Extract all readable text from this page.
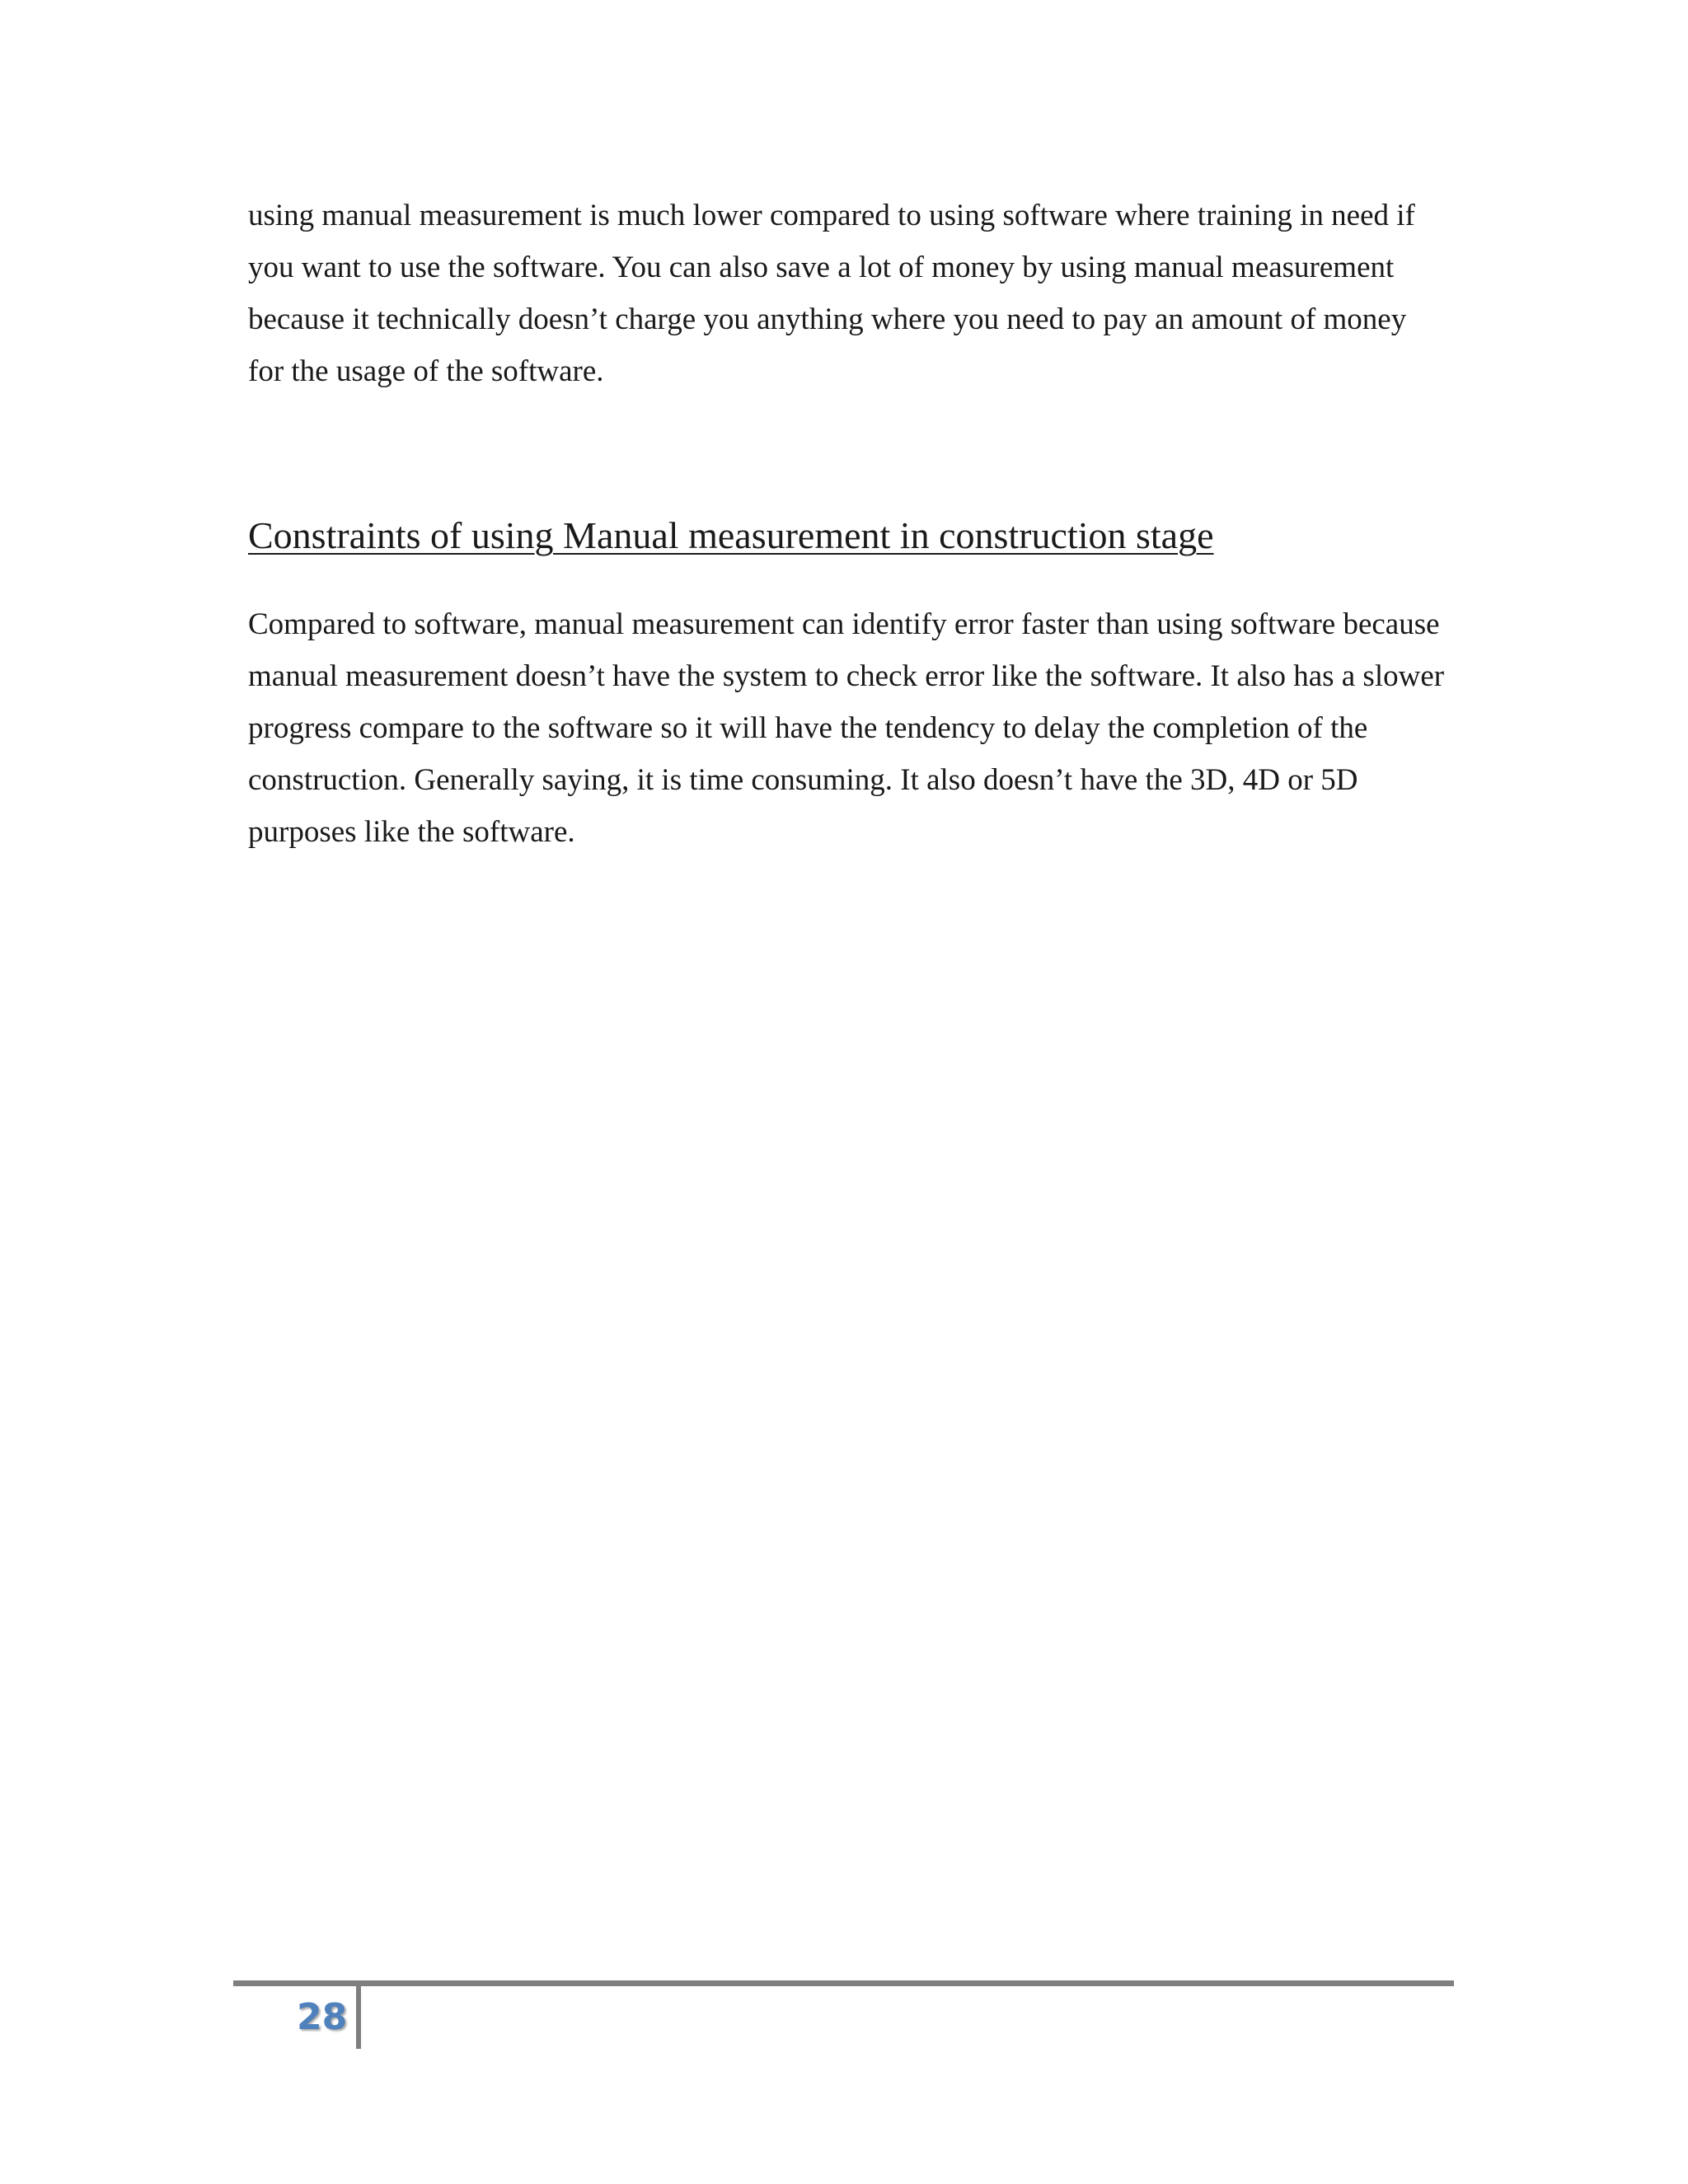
using manual measurement is much lower compared to using software where training in need if
you want to use the software. You can also save a lot of money by using manual measurement
because it technically doesn’t charge you anything where you need to pay an amount of money
for the usage of the software.
Constraints of using Manual measurement in construction stage
Compared to software, manual measurement can identify error faster than using software because
manual measurement doesn’t have the system to check error like the software. It also has a slower
progress compare to the software so it will have the tendency to delay the completion of the
construction. Generally saying, it is time consuming. It also doesn’t have the 3D, 4D or 5D
purposes like the software.
28
